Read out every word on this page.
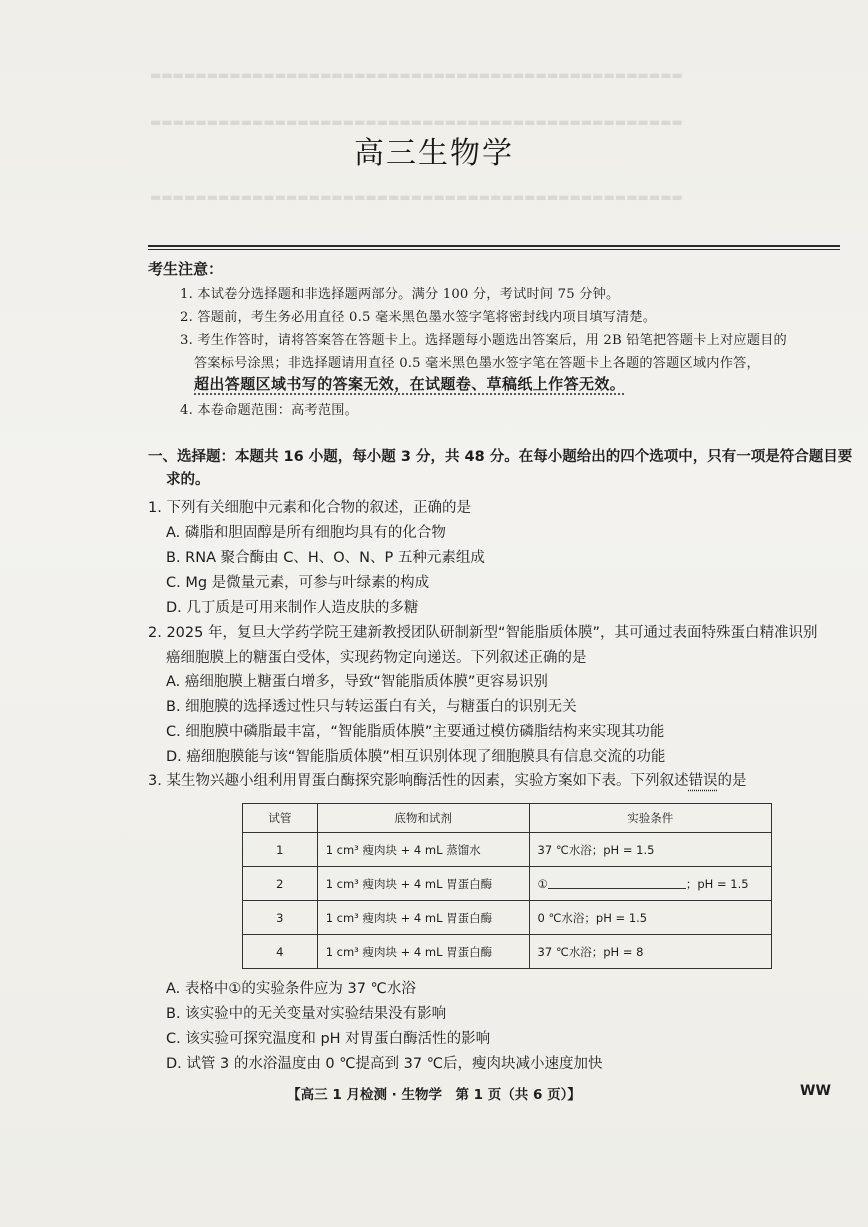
▬▬▬▬▬▬▬▬▬▬▬▬▬▬▬▬▬▬▬▬▬▬▬▬▬▬▬▬▬▬▬▬▬▬▬▬▬▬▬▬▬▬▬▬▬▬▬
▬▬▬▬▬▬▬▬▬▬▬▬▬▬▬▬▬▬▬▬▬▬▬▬▬▬▬▬▬▬▬▬▬▬▬▬▬▬▬▬▬▬▬▬▬▬▬
▬▬▬▬▬▬▬▬▬▬▬▬▬▬▬▬▬▬▬▬▬▬▬▬▬▬▬▬▬▬▬▬▬▬▬▬▬▬▬▬▬▬▬▬▬▬▬
高三生物学
考生注意：
1. 本试卷分选择题和非选择题两部分。满分 100 分，考试时间 75 分钟。
2. 答题前，考生务必用直径 0.5 毫米黑色墨水签字笔将密封线内项目填写清楚。
3. 考生作答时，请将答案答在答题卡上。选择题每小题选出答案后，用 2B 铅笔把答题卡上对应题目的
答案标号涂黑；非选择题请用直径 0.5 毫米黑色墨水签字笔在答题卡上各题的答题区域内作答，
超出答题区域书写的答案无效，在试题卷、草稿纸上作答无效。
4. 本卷命题范围：高考范围。
一、选择题：本题共 16 小题，每小题 3 分，共 48 分。在每小题给出的四个选项中，只有一项是符合题目要
求的。
1. 下列有关细胞中元素和化合物的叙述，正确的是
A. 磷脂和胆固醇是所有细胞均具有的化合物
B. RNA 聚合酶由 C、H、O、N、P 五种元素组成
C. Mg 是微量元素，可参与叶绿素的构成
D. 几丁质是可用来制作人造皮肤的多糖
2. 2025 年，复旦大学药学院王建新教授团队研制新型“智能脂质体膜”，其可通过表面特殊蛋白精准识别
癌细胞膜上的糖蛋白受体，实现药物定向递送。下列叙述正确的是
A. 癌细胞膜上糖蛋白增多，导致“智能脂质体膜”更容易识别
B. 细胞膜的选择透过性只与转运蛋白有关，与糖蛋白的识别无关
C. 细胞膜中磷脂最丰富，“智能脂质体膜”主要通过模仿磷脂结构来实现其功能
D. 癌细胞膜能与该“智能脂质体膜”相互识别体现了细胞膜具有信息交流的功能
3. 某生物兴趣小组利用胃蛋白酶探究影响酶活性的因素，实验方案如下表。下列叙述错误的是
试管	底物和试剂	实验条件
1	1 cm³ 瘦肉块 + 4 mL 蒸馏水	37 ℃水浴；pH = 1.5
2	1 cm³ 瘦肉块 + 4 mL 胃蛋白酶	① ；pH = 1.5
3	1 cm³ 瘦肉块 + 4 mL 胃蛋白酶	0 ℃水浴；pH = 1.5
4	1 cm³ 瘦肉块 + 4 mL 胃蛋白酶	37 ℃水浴；pH = 8
A. 表格中①的实验条件应为 37 ℃水浴
B. 该实验中的无关变量对实验结果没有影响
C. 该实验可探究温度和 pH 对胃蛋白酶活性的影响
D. 试管 3 的水浴温度由 0 ℃提高到 37 ℃后，瘦肉块减小速度加快
【高三 1 月检测 · 生物学　第 1 页（共 6 页）】	WW
